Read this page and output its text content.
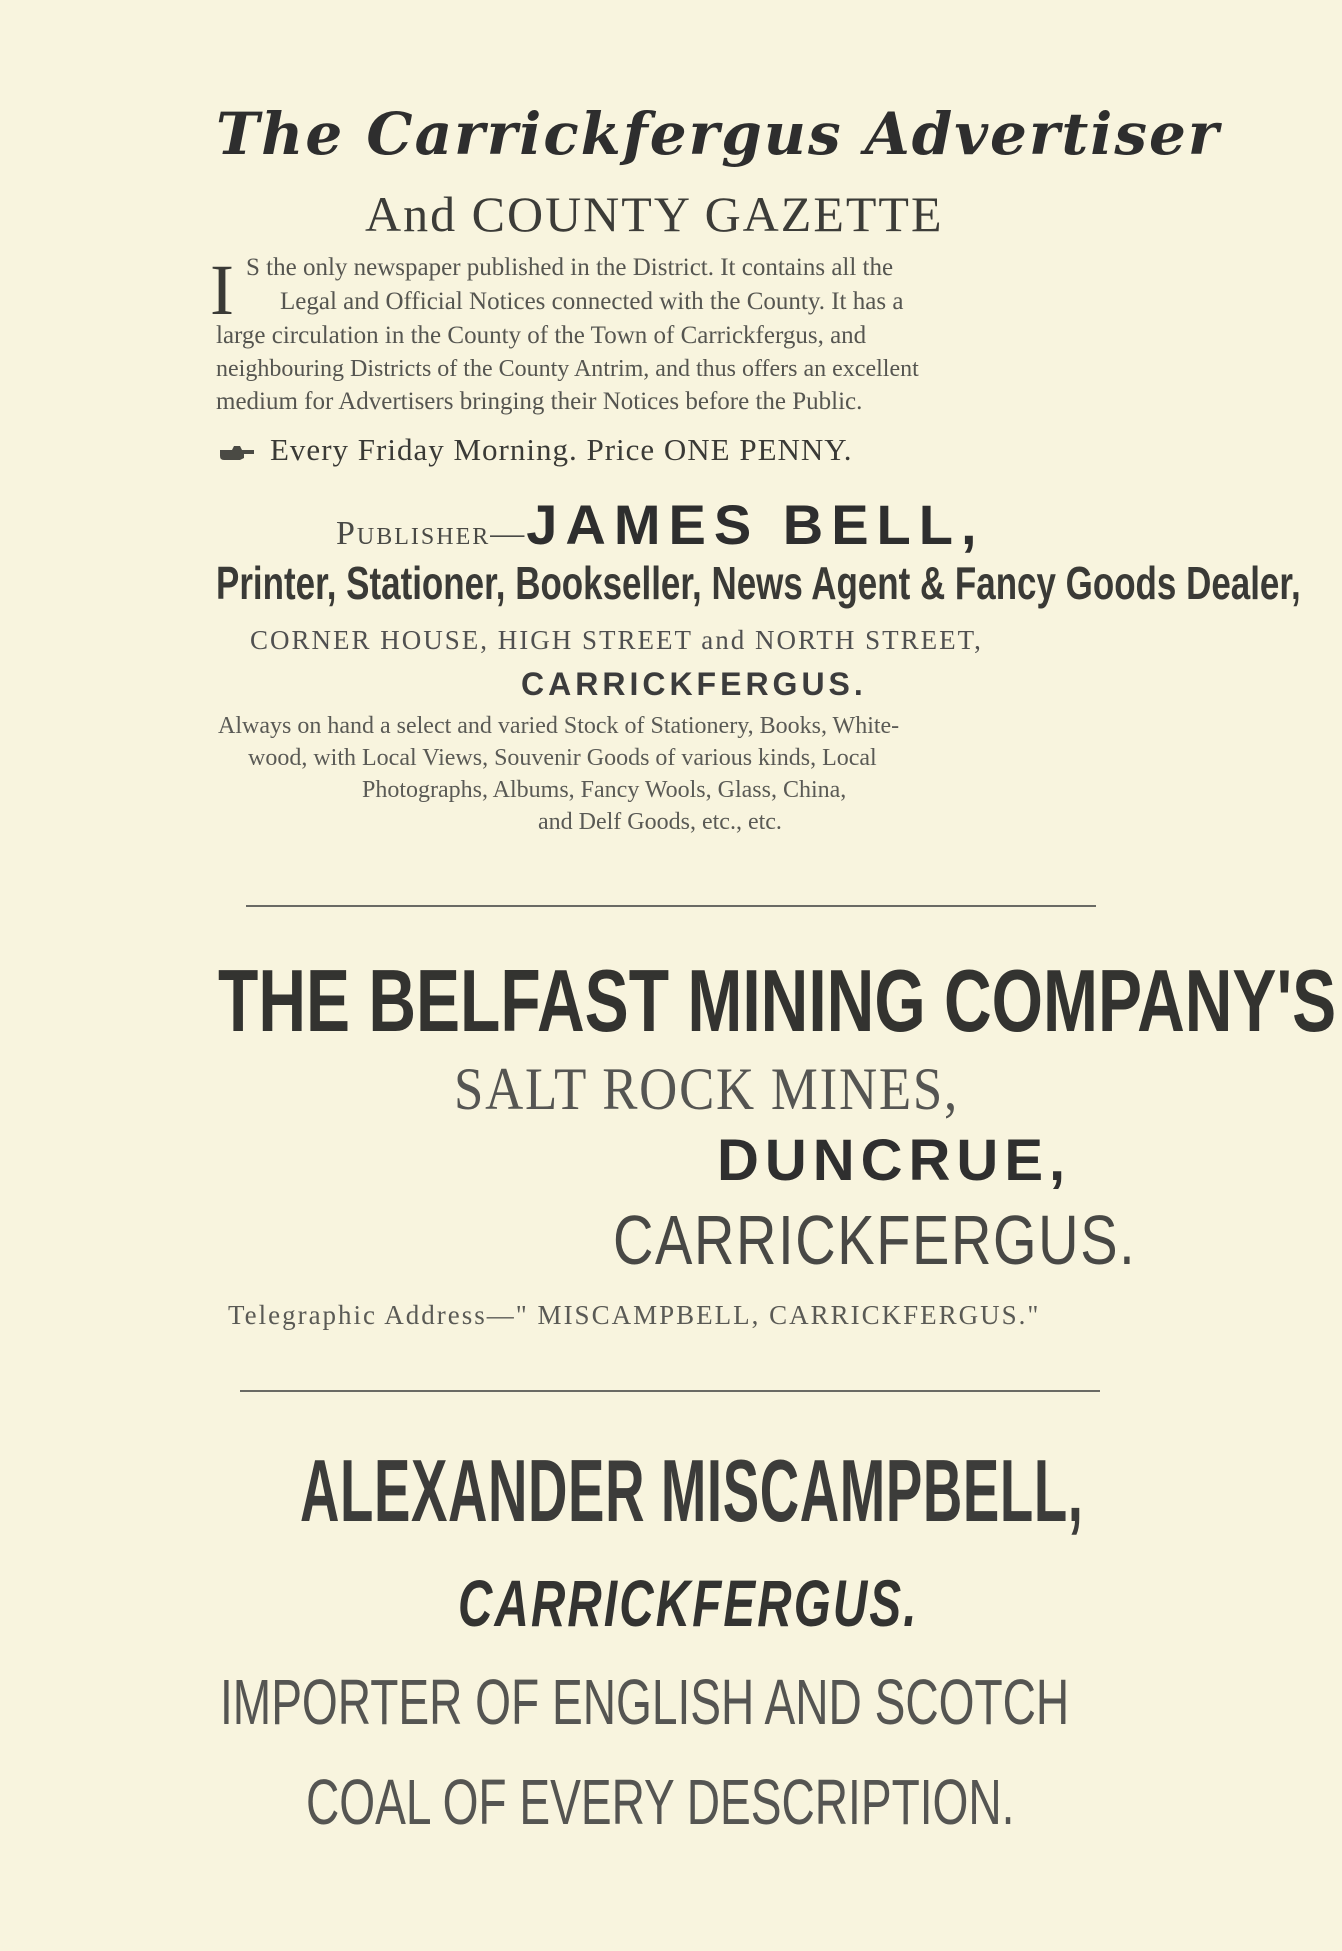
The Carrickfergus Advertiser
And COUNTY GAZETTE
I S the only newspaper published in the District. It contains all the
Legal and Official Notices connected with the County. It has a
large circulation in the County of the Town of Carrickfergus, and
neighbouring Districts of the County Antrim, and thus offers an excellent
medium for Advertisers bringing their Notices before the Public.
Every Friday Morning. Price ONE PENNY.
Publisher—JAMES BELL,
Printer, Stationer, Bookseller, News Agent & Fancy Goods Dealer,
CORNER HOUSE, HIGH STREET and NORTH STREET,
CARRICKFERGUS.
Always on hand a select and varied Stock of Stationery, Books, White-
wood, with Local Views, Souvenir Goods of various kinds, Local
Photographs, Albums, Fancy Wools, Glass, China,
and Delf Goods, etc., etc.
THE BELFAST MINING COMPANY'S
SALT ROCK MINES,
DUNCRUE,
CARRICKFERGUS.
Telegraphic Address—" MISCAMPBELL, CARRICKFERGUS."
ALEXANDER MISCAMPBELL,
CARRICKFERGUS.
IMPORTER OF ENGLISH AND SCOTCH
COAL OF EVERY DESCRIPTION.
